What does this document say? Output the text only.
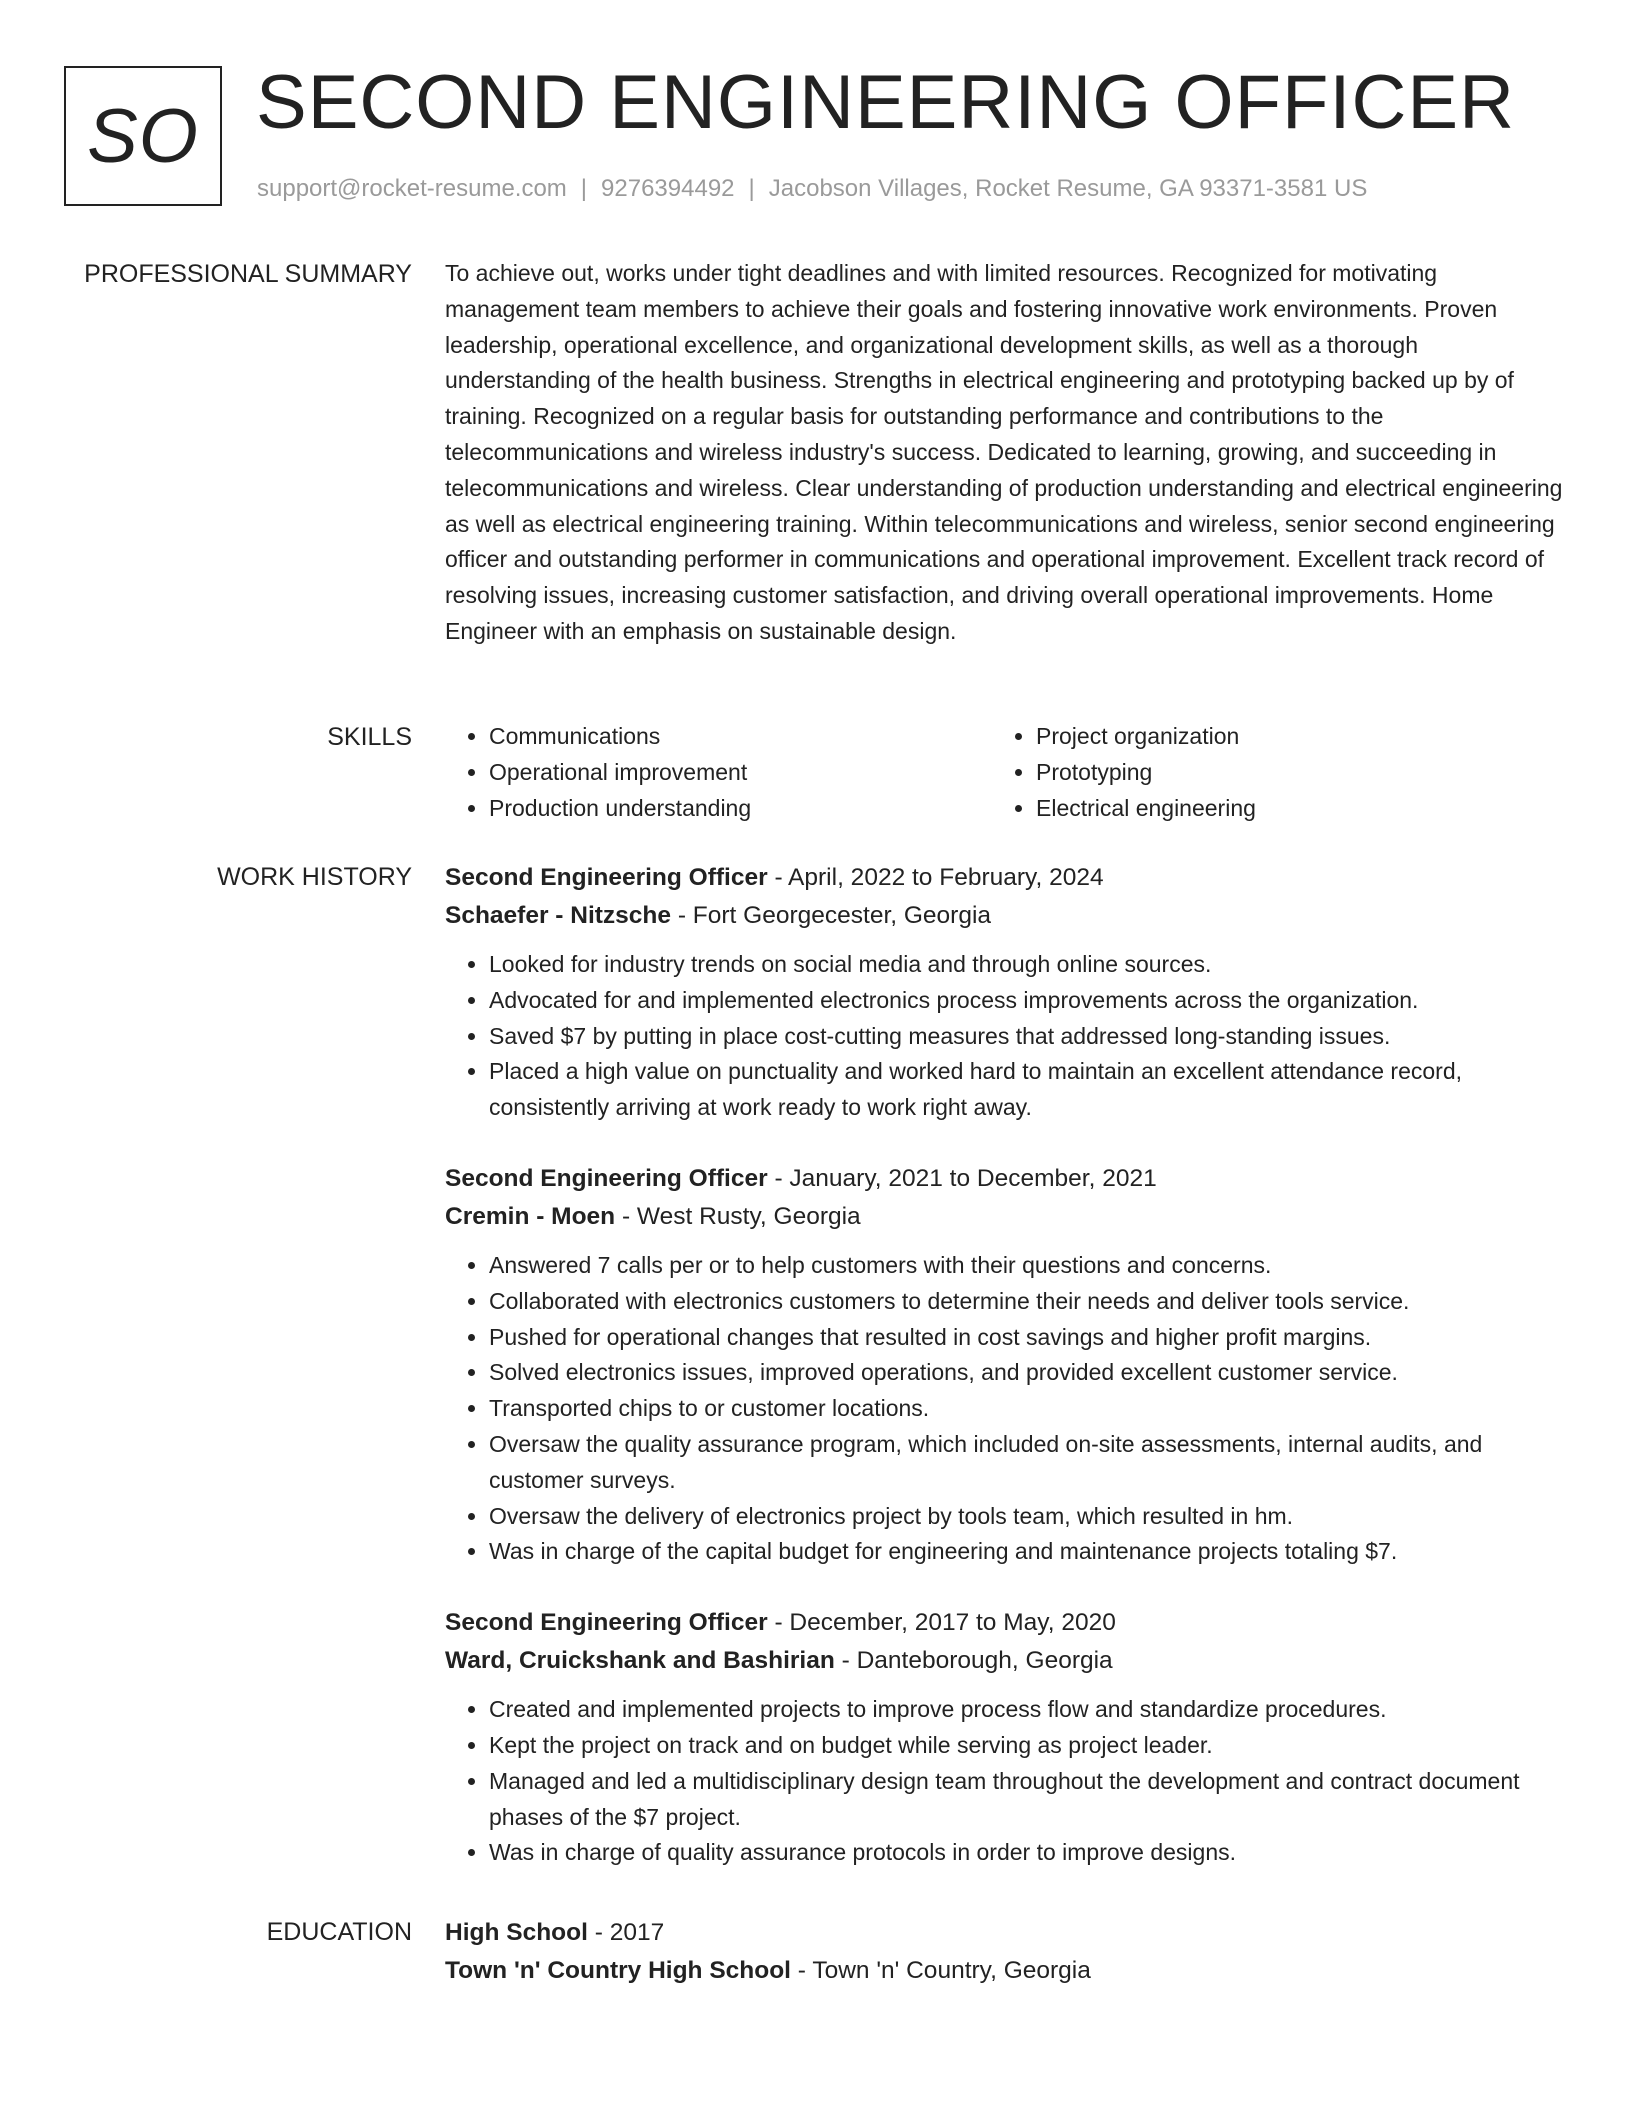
SO SECOND ENGINEERING OFFICER
support@rocket-resume.com | 9276394492 | Jacobson Villages, Rocket Resume, GA 93371-3581 US
PROFESSIONAL SUMMARY To achieve out, works under tight deadlines and with limited resources. Recognized for motivating management team members to achieve their goals and fostering innovative work environments. Proven leadership, operational excellence, and organizational development skills, as well as a thorough understanding of the health business. Strengths in electrical engineering and prototyping backed up by of training. Recognized on a regular basis for outstanding performance and contributions to the telecommunications and wireless industry's success. Dedicated to learning, growing, and succeeding in telecommunications and wireless. Clear understanding of production understanding and electrical engineering as well as electrical engineering training. Within telecommunications and wireless, senior second engineering officer and outstanding performer in communications and operational improvement. Excellent track record of resolving issues, increasing customer satisfaction, and driving overall operational improvements. Home Engineer with an emphasis on sustainable design.

SKILLS
•	Communications
• Operational improvement
• Production understanding
• Project organization
• Prototyping
• Electrical engineering
WORK HISTORY Second Engineering Officer - April, 2022 to February, 2024
Schaefer - Nitzsche - Fort Georgecester, Georgia
• Looked for industry trends on social media and through online sources.
• Advocated for and implemented electronics process improvements across the organization.
• Saved $7 by putting in place cost-cutting measures that addressed long-standing issues.
• Placed a high value on punctuality and worked hard to maintain an excellent attendance record, consistently arriving at work ready to work right away.
Second Engineering Officer - January, 2021 to December, 2021
Cremin - Moen - West Rusty, Georgia
• Answered 7 calls per or to help customers with their questions and concerns.
• Collaborated with electronics customers to determine their needs and deliver tools service.
• Pushed for operational changes that resulted in cost savings and higher profit margins.
• Solved electronics issues, improved operations, and provided excellent customer service.
• Transported chips to or customer locations.
• Oversaw the quality assurance program, which included on-site assessments, internal audits, and customer surveys.
• Oversaw the delivery of electronics project by tools team, which resulted in hm.
• Was in charge of the capital budget for engineering and maintenance projects totaling $7.
Second Engineering Officer - December, 2017 to May, 2020
Ward, Cruickshank and Bashirian - Danteborough, Georgia
• Created and implemented projects to improve process flow and standardize procedures.
• Kept the project on track and on budget while serving as project leader.
• Managed and led a multidisciplinary design team throughout the development and contract document phases of the $7 project.
• Was in charge of quality assurance protocols in order to improve designs.
EDUCATION High School - 2017
Town 'n' Country High School - Town 'n' Country, Georgia
